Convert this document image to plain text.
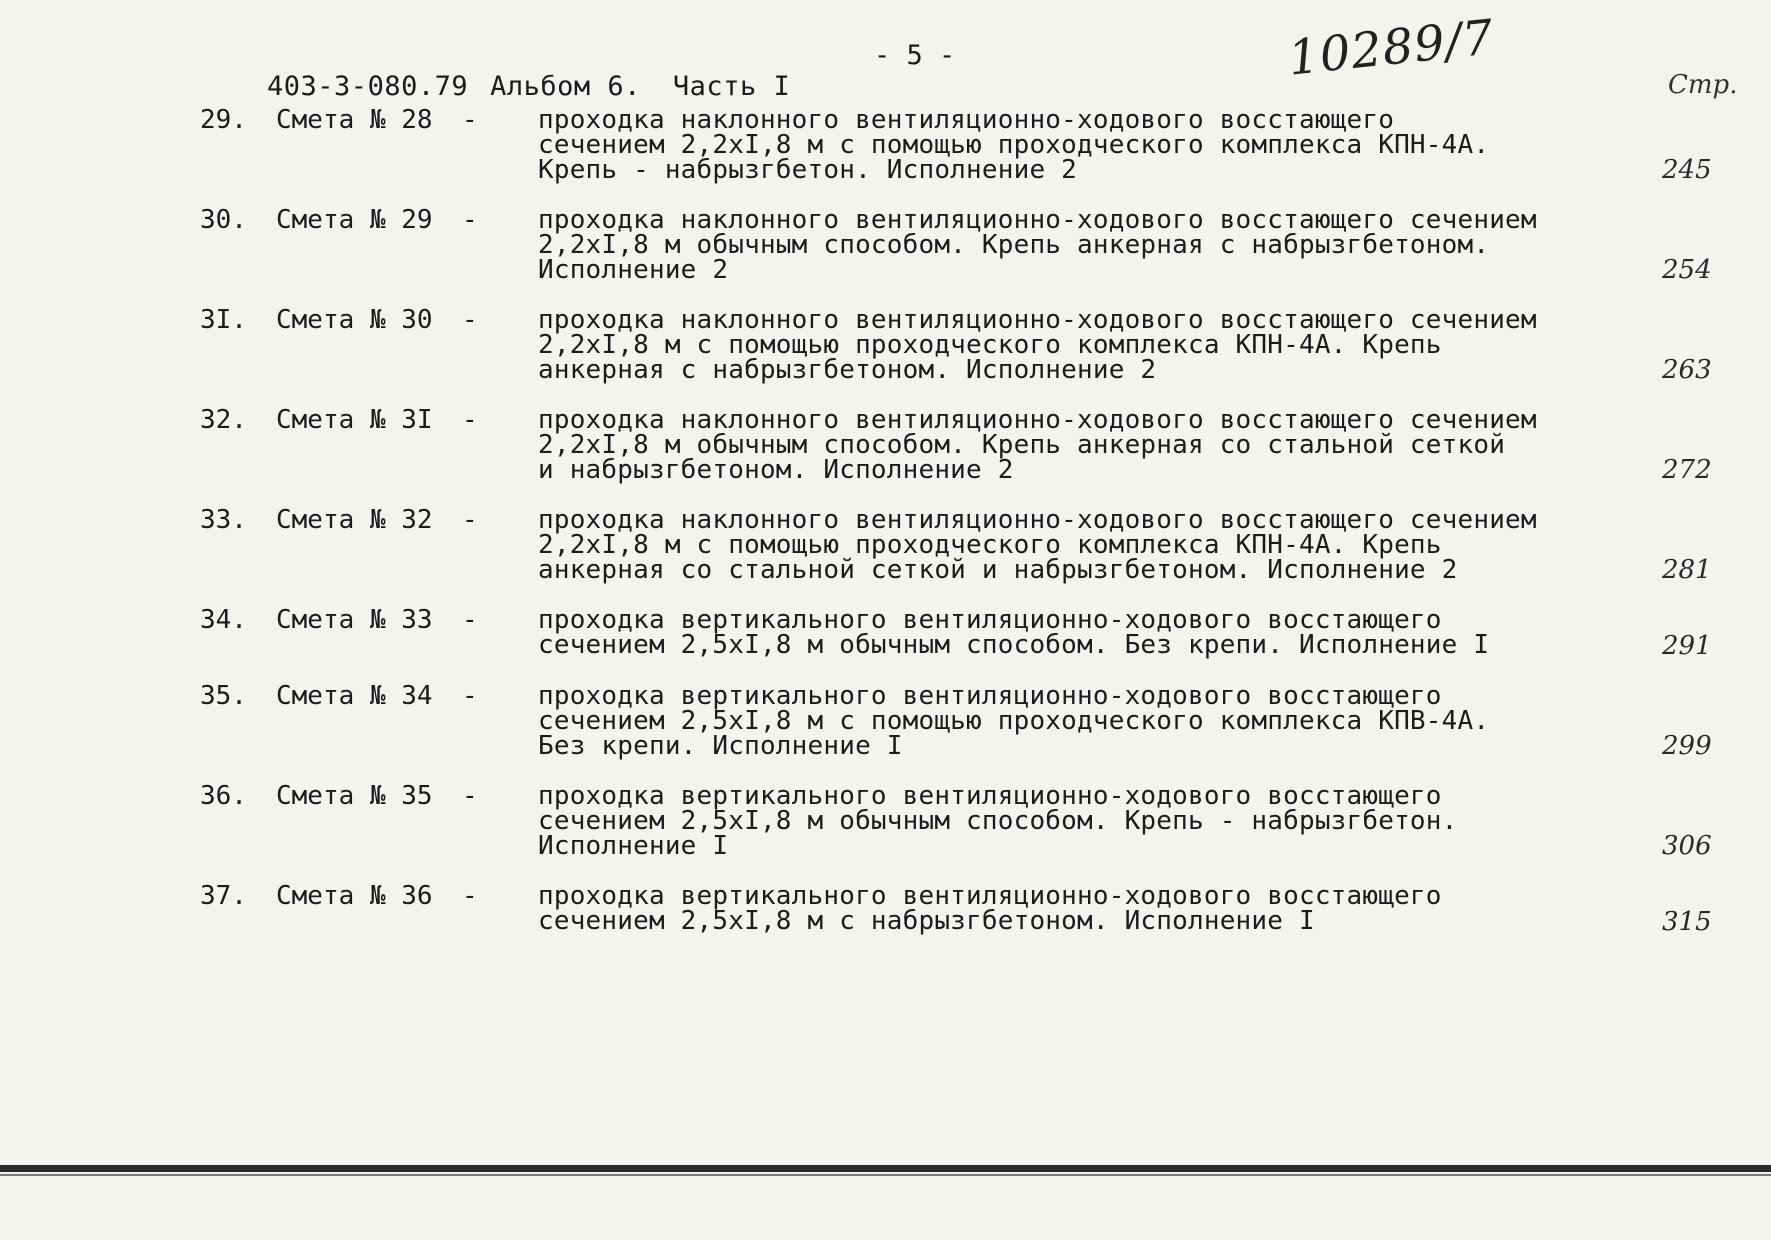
403-3-080.79 Альбом 6. Часть I

- 5 -	10289/7	Стр.
29. Смета № 28 - проходка наклонного вентиляционно-ходового восстающего
сечением 2,2хI,8 м с помощью проходческого комплекса КПН-4А.
Крепь - набрызгбетон. Исполнение 2	245
30. Смета № 29 - проходка наклонного вентиляционно-ходового восстающего сечением
2,2хI,8 м обычным способом. Крепь анкерная с набрызгбетоном.
Исполнение 2	254
3I. Смета № 30 - проходка наклонного вентиляционно-ходового восстающего сечением
2,2хI,8 м с помощью проходческого комплекса КПН-4А. Крепь
анкерная с набрызгбетоном. Исполнение 2	263
32. Смета № 3I - проходка наклонного вентиляционно-ходового восстающего сечением
2,2хI,8 м обычным способом. Крепь анкерная со стальной сеткой
и набрызгбетоном. Исполнение 2	272
33. Смета № 32 - проходка наклонного вентиляционно-ходового восстающего сечением
2,2хI,8 м с помощью проходческого комплекса КПН-4А. Крепь
анкерная со стальной сеткой и набрызгбетоном. Исполнение 2	281
34. Смета № 33 - проходка вертикального вентиляционно-ходового восстающего
сечением 2,5хI,8 м обычным способом. Без крепи. Исполнение I	291
35. Смета № 34 - проходка вертикального вентиляционно-ходового восстающего
сечением 2,5хI,8 м с помощью проходческого комплекса КПВ-4А.
Без крепи. Исполнение I	299
36. Смета № 35 - проходка вертикального вентиляционно-ходового восстающего
сечением 2,5хI,8 м обычным способом. Крепь - набрызгбетон.
Исполнение I	306
37. Смета № 36 - проходка вертикального вентиляционно-ходового восстающего
сечением 2,5хI,8 м с набрызгбетоном. Исполнение I	315
